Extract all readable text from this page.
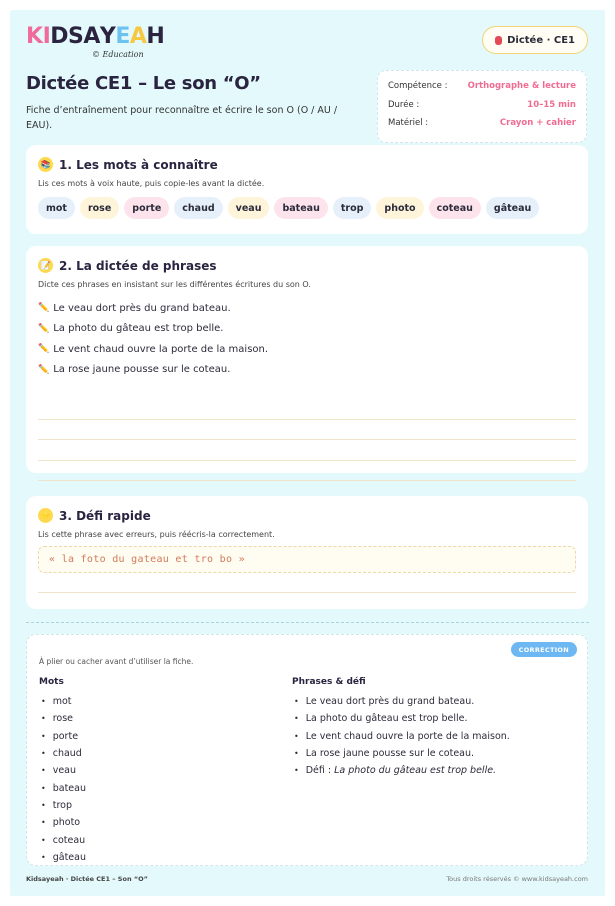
KIDSAYEAH
© Education
Dictée · CE1
Dictée CE1 – Le son “O”

Fiche d’entraînement pour reconnaître et écrire le son O (O / AU / EAU).

Compétence : Orthographe & lecture
Durée :	10–15 min
Matériel :	Crayon + cahier
📚 1. Les mots à connaître
Lis ces mots à voix haute, puis copie-les avant la dictée.
mot	rose	porte	chaud	veau	bateau	trop	photo	coteau	gâteau
📝 2. La dictée de phrases
Dicte ces phrases en insistant sur les différentes écritures du son O.
✏️ Le veau dort près du grand bateau.
✏️ La photo du gâteau est trop belle.
✏️ Le vent chaud ouvre la porte de la maison.
✏️ La rose jaune pousse sur le coteau.
⭐ 3. Défi rapide
Lis cette phrase avec erreurs, puis réécris-la correctement.
« la foto du gateau et tro bo »
CORRECTION
À plier ou cacher avant d’utiliser la fiche.
Mots
• mot
• rose
• porte
• chaud
• veau
• bateau
• trop
• photo
• coteau
• gâteau
Phrases & défi
• Le veau dort près du grand bateau.
• La photo du gâteau est trop belle.
• Le vent chaud ouvre la porte de la maison.
• La rose jaune pousse sur le coteau.
• Défi : La photo du gâteau est trop belle.
Kidsayeah · Dictée CE1 – Son “O”	Tous droits réservés © www.kidsayeah.com
